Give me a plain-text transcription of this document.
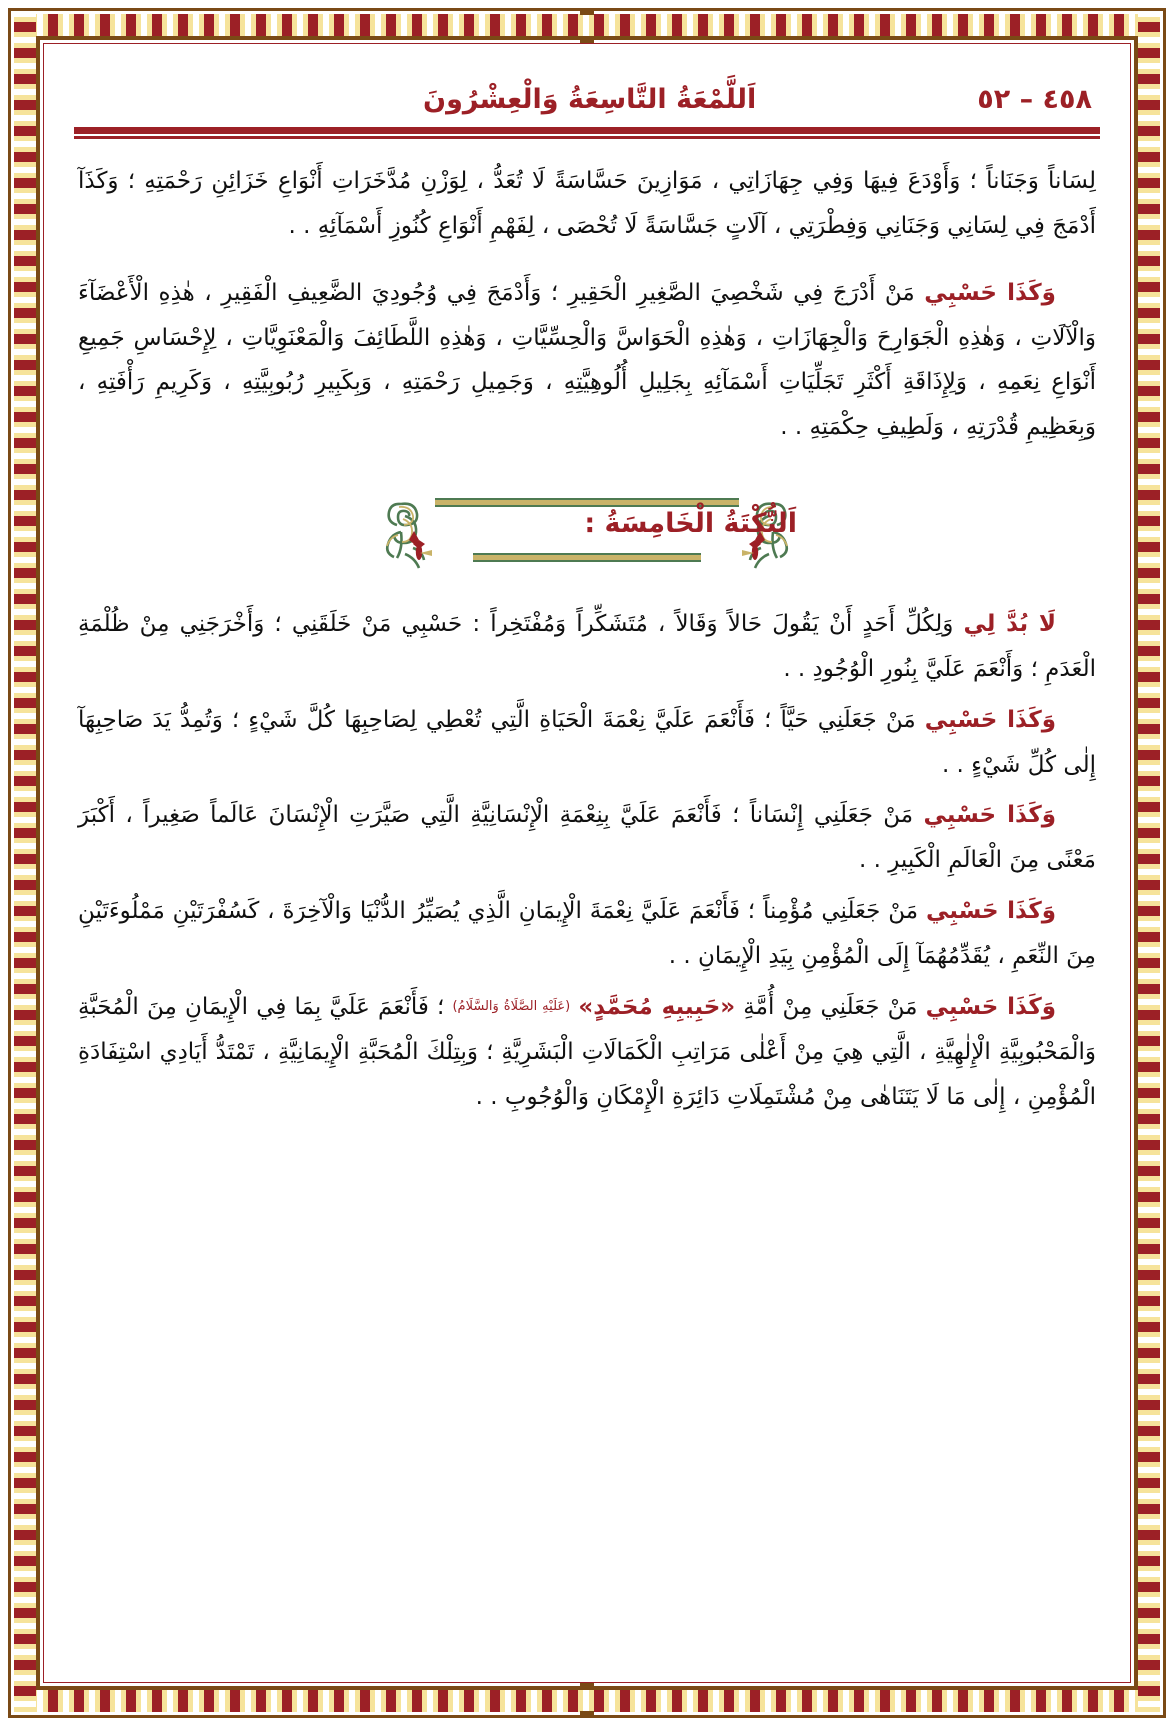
٤٥٨ – ٥٢
اَللَّمْعَةُ التَّاسِعَةُ وَالْعِشْرُونَ

لِسَاناً وَجَنَاناً ؛ وَأَوْدَعَ فِيهَا وَفِي جِهَازَاتِي ، مَوَازِينَ حَسَّاسَةً لَا تُعَدُّ ، لِوَزْنِ مُدَّخَرَاتِ أَنْوَاعِ خَزَائِنِ رَحْمَتِهِ ؛ وَكَذَآ أَدْمَجَ فِي لِسَانِي وَجَنَانِي وَفِطْرَتِي ، آلَاتٍ جَسَّاسَةً لَا تُحْصَى ، لِفَهْمِ أَنْوَاعِ كُنُوزِ أَسْمَآئِهِ . .

وَكَذَا حَسْبِي مَنْ أَدْرَجَ فِي شَخْصِيَ الصَّغِيرِ الْحَقِيرِ ؛ وَأَدْمَجَ فِي وُجُودِيَ الضَّعِيفِ الْفَقِيرِ ، هٰذِهِ الْأَعْضَآءَ وَالْآلَاتِ ، وَهٰذِهِ الْجَوَارِحَ وَالْجِهَازَاتِ ، وَهٰذِهِ الْحَوَاسَّ وَالْحِسِّيَّاتِ ، وَهٰذِهِ اللَّطَائِفَ وَالْمَعْنَوِيَّاتِ ، لِإِحْسَاسِ جَمِيعِ أَنْوَاعِ نِعَمِهِ ، وَلِإِذَاقَةِ أَكْثَرِ تَجَلِّيَاتِ أَسْمَآئِهِ بِجَلِيلِ أُلُوهِيَّتِهِ ، وَجَمِيلِ رَحْمَتِهِ ، وَبِكَبِيرِ رُبُوبِيَّتِهِ ، وَكَرِيمِ رَأْفَتِهِ ، وَبِعَظِيمِ قُدْرَتِهِ ، وَلَطِيفِ حِكْمَتِهِ . .

اَلنُّكْتَةُ الْخَامِسَةُ :

لَا بُدَّ لِي وَلِكُلِّ أَحَدٍ أَنْ يَقُولَ حَالاً وَقَالاً ، مُتَشَكِّراً وَمُفْتَخِراً : حَسْبِي مَنْ خَلَقَنِي ؛ وَأَخْرَجَنِي مِنْ ظُلْمَةِ الْعَدَمِ ؛ وَأَنْعَمَ عَلَيَّ بِنُورِ الْوُجُودِ . .

وَكَذَا حَسْبِي مَنْ جَعَلَنِي حَيَّاً ؛ فَأَنْعَمَ عَلَيَّ نِعْمَةَ الْحَيَاةِ الَّتِي تُعْطِي لِصَاحِبِهَا كُلَّ شَيْءٍ ؛ وَتُمِدُّ يَدَ صَاحِبِهَآ إِلٰى كُلِّ شَيْءٍ . .

وَكَذَا حَسْبِي مَنْ جَعَلَنِي إِنْسَاناً ؛ فَأَنْعَمَ عَلَيَّ بِنِعْمَةِ الْإِنْسَانِيَّةِ الَّتِي صَيَّرَتِ الْإِنْسَانَ عَالَماً صَغِيراً ، أَكْبَرَ مَعْنًى مِنَ الْعَالَمِ الْكَبِيرِ . .

وَكَذَا حَسْبِي مَنْ جَعَلَنِي مُؤْمِناً ؛ فَأَنْعَمَ عَلَيَّ نِعْمَةَ الْإِيمَانِ الَّذِي يُصَيِّرُ الدُّنْيَا وَالْآخِرَةَ ، كَسُفْرَتَيْنِ مَمْلُوءَتَيْنِ مِنَ النِّعَمِ ، يُقَدِّمُهُمَآ إِلَى الْمُؤْمِنِ بِيَدِ الْإِيمَانِ . .

وَكَذَا حَسْبِي مَنْ جَعَلَنِي مِنْ أُمَّةِ «حَبِيبِهِ مُحَمَّدٍ» (عَلَيْهِ الصَّلَاةُ وَالسَّلَامُ) ؛ فَأَنْعَمَ عَلَيَّ بِمَا فِي الْإِيمَانِ مِنَ الْمُحَبَّةِ وَالْمَحْبُوبِيَّةِ الْإِلٰهِيَّةِ ، الَّتِي هِيَ مِنْ أَعْلٰى مَرَاتِبِ الْكَمَالَاتِ الْبَشَرِيَّةِ ؛ وَبِتِلْكَ الْمُحَبَّةِ الْإِيمَانِيَّةِ ، تَمْتَدُّ أَيَادِي اسْتِفَادَةِ الْمُؤْمِنِ ، إِلٰى مَا لَا يَتَنَاهٰى مِنْ مُشْتَمِلَاتِ دَائِرَةِ الْإِمْكَانِ وَالْوُجُوبِ . .
